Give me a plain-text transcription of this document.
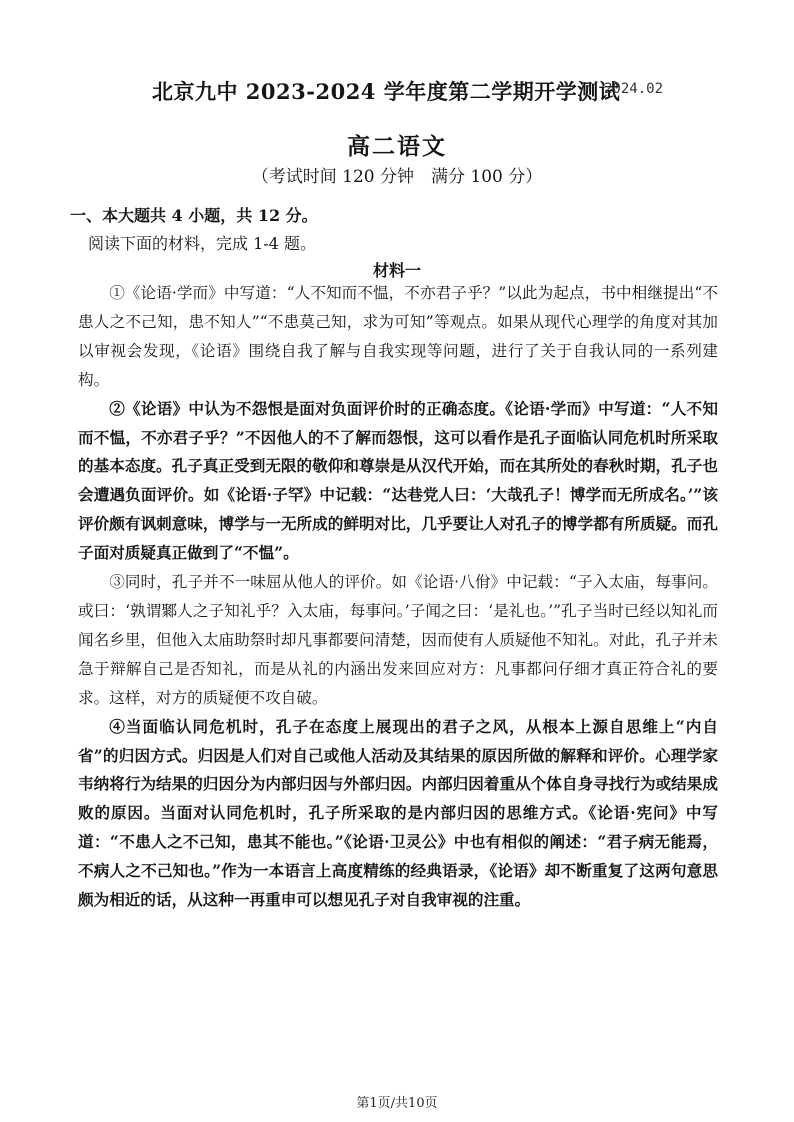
北京九中 2023-2024 学年度第二学期开学测试
2024.02
高二语文
（考试时间 120 分钟　满分 100 分）
一、本大题共 4 小题，共 12 分。
阅读下面的材料，完成 1-4 题。
材料一

①《论语·学而》中写道：“人不知而不愠，不亦君子乎？”以此为起点，书中相继提出“不患人之不己知，患不知人”“不患莫己知，求为可知”等观点。如果从现代心理学的角度对其加以审视会发现，《论语》围绕自我了解与自我实现等问题，进行了关于自我认同的一系列建构。

②《论语》中认为不怨恨是面对负面评价时的正确态度。《论语·学而》中写道：“人不知而不愠，不亦君子乎？”不因他人的不了解而怨恨，这可以看作是孔子面临认同危机时所采取的基本态度。孔子真正受到无限的敬仰和尊崇是从汉代开始，而在其所处的春秋时期，孔子也会遭遇负面评价。如《论语·子罕》中记载：“达巷党人曰：‘大哉孔子！博学而无所成名。’”该评价颇有讽刺意味，博学与一无所成的鲜明对比，几乎要让人对孔子的博学都有所质疑。而孔子面对质疑真正做到了“不愠”。

③同时，孔子并不一味屈从他人的评价。如《论语·八佾》中记载：“子入太庙，每事问。或曰：‘孰谓鄹人之子知礼乎？入太庙，每事问。’子闻之曰：‘是礼也。’”孔子当时已经以知礼而闻名乡里，但他入太庙助祭时却凡事都要问清楚，因而使有人质疑他不知礼。对此，孔子并未急于辩解自己是否知礼，而是从礼的内涵出发来回应对方：凡事都问仔细才真正符合礼的要求。这样，对方的质疑便不攻自破。

④当面临认同危机时，孔子在态度上展现出的君子之风，从根本上源自思维上“内自省”的归因方式。归因是人们对自己或他人活动及其结果的原因所做的解释和评价。心理学家韦纳将行为结果的归因分为内部归因与外部归因。内部归因着重从个体自身寻找行为或结果成败的原因。当面对认同危机时，孔子所采取的是内部归因的思维方式。《论语·宪问》中写道：“不患人之不己知，患其不能也。”《论语·卫灵公》中也有相似的阐述：“君子病无能焉，不病人之不己知也。”作为一本语言上高度精练的经典语录，《论语》却不断重复了这两句意思颇为相近的话，从这种一再重申可以想见孔子对自我审视的注重。

第1页/共10页
